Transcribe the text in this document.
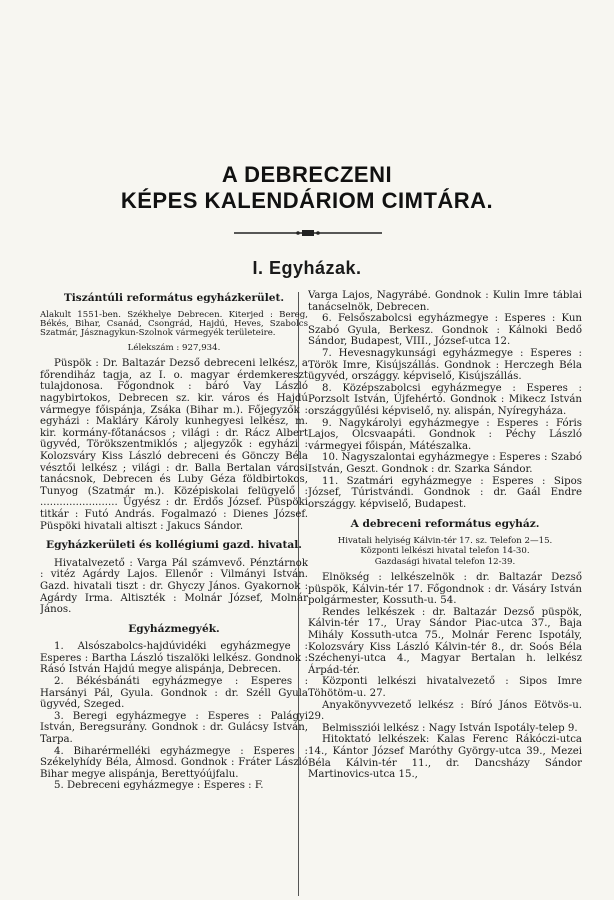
A DEBRECZENI
KÉPES KALENDÁRIOM CIMTÁRA.
I. Egyházak.
Tiszántúli református egyházkerület.
Alakult 1551-ben. Székhelye Debrecen. Kiterjed : Bereg, Békés, Bihar, Csanád, Csongrád, Hajdú, Heves, Szabolcs Szatmár, Jásznagykun-Szolnok vármegyék területeire.
Lélekszám : 927,934.

Püspök : Dr. Baltazár Dezső debreceni lelkész, a főrendiház tagja, az I. o. magyar érdemkereszt tulajdonosa. Főgondnok : báró Vay László nagybirtokos, Debrecen sz. kir. város és Hajdú vármegye főispánja, Zsáka (Bihar m.). Főjegyzők : egyházi : Makláry Károly kunhegyesi lelkész, m. kir. kormány-főtanácsos ; világi : dr. Rácz Albert ügyvéd, Törökszentmiklós ; aljegyzők : egyházi : Kolozsváry Kiss László debreceni és Gönczy Béla vésztői lelkész ; világi : dr. Balla Bertalan városi tanácsnok, Debrecen és Luby Géza földbirtokos, Tunyog (Szatmár m.). Középiskolai felügyelő : ........................ Ügyész : dr. Erdős József. Püspöki titkár : Futó András. Fogalmazó : Dienes József. Püspöki hivatali altiszt : Jakucs Sándor.

Egyházkerületi és kollégiumi gazd. hivatal.

Hivatalvezető : Varga Pál számvevő. Pénztárnok : vitéz Agárdy Lajos. Ellenőr : Vilmányi István. Gazd. hivatali tiszt : dr. Ghyczy János. Gyakornok : Agárdy Irma. Altiszték : Molnár József, Molnár János.

Egyházmegyék.

1. Alsószabolcs-hajdúvidéki egyházmegye : Esperes : Bartha László tiszalöki lelkész. Gondnok : Rásó István Hajdú megye alispánja, Debrecen.

2. Békésbánáti egyházmegye : Esperes : Harsányi Pál, Gyula. Gondnok : dr. Széll Gyula ügyvéd, Szeged.

3. Beregi egyházmegye : Esperes : Palágyi István, Beregsurány. Gondnok : dr. Gulácsy István, Tarpa.

4. Biharérmelléki egyházmegye : Esperes : Székelyhídy Béla, Álmosd. Gondnok : Fráter László Bihar megye alispánja, Berettyóújfalu.

5. Debreceni egyházmegye : Esperes : F.

Varga Lajos, Nagyrábé. Gondnok : Kulin Imre táblai tanácselnök, Debrecen.

6. Felsőszabolcsi egyházmegye : Esperes : Kun Szabó Gyula, Berkesz. Gondnok : Kálnoki Bedő Sándor, Budapest, VIII., József-utca 12.

7. Hevesnagykunsági egyházmegye : Esperes : Török Imre, Kisújszállás. Gondnok : Herczegh Béla ügyvéd, országgy. képviselő, Kisújszállás.

8. Középszabolcsi egyházmegye : Esperes : Porzsolt István, Újfehértó. Gondnok : Mikecz István országgyűlési képviselő, ny. alispán, Nyíregyháza.

9. Nagykárolyi egyházmegye : Esperes : Fóris Lajos, Olcsvaapáti. Gondnok : Péchy László vármegyei főispán, Mátészalka.

10. Nagyszalontai egyházmegye : Esperes : Szabó István, Geszt. Gondnok : dr. Szarka Sándor.

11. Szatmári egyházmegye : Esperes : Sipos József, Túristvándi. Gondnok : dr. Gaál Endre országgy. képviselő, Budapest.

A debreceni református egyház.
Hivatali helyiség Kálvin-tér 17. sz. Telefon 2—15.
Központi lelkészi hivatal telefon 14-30.
Gazdasági hivatal telefon 12-39.

Elnökség : lelkészelnök : dr. Baltazár Dezső püspök, Kálvin-tér 17. Főgondnok : dr. Vásáry István polgármester, Kossuth-u. 54.

Rendes lelkészek : dr. Baltazár Dezső püspök, Kálvin-tér 17., Uray Sándor Piac-utca 37., Baja Mihály Kossuth-utca 75., Molnár Ferenc Ispotály, Kolozsváry Kiss László Kálvin-tér 8., dr. Soós Béla Széchenyi-utca 4., Magyar Bertalan h. lelkész Árpád-tér.

Központi lelkészi hivatalvezető : Sipos Imre Töhötöm-u. 27.

Anyakönyvvezető lelkész : Bíró János Eötvös-u. 29.

Belmissziói lelkész : Nagy István Ispotály-telep 9.

Hitoktató lelkészek: Kalas Ferenc Rákóczi-utca 14., Kántor József Maróthy György-utca 39., Mezei Béla Kálvin-tér 11., dr. Dancsházy Sándor Martinovics-utca 15.,
